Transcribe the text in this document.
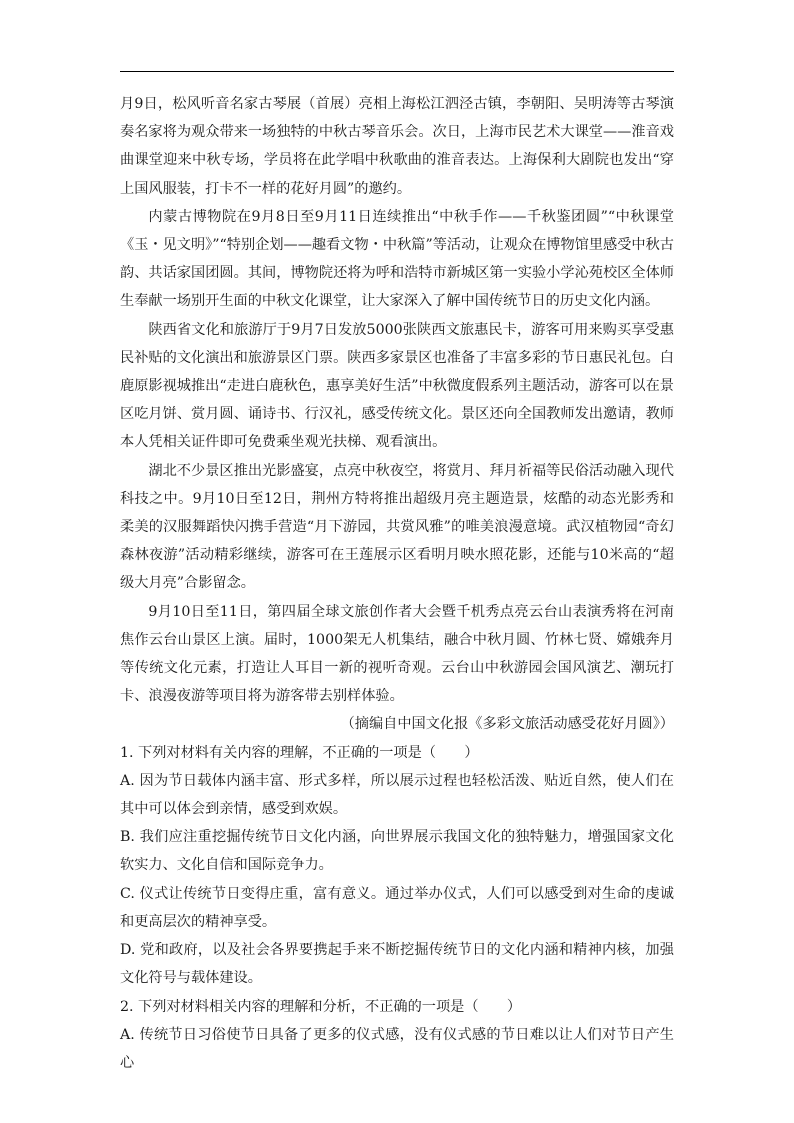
月9日，松风听音名家古琴展（首展）亮相上海松江泗泾古镇，李朝阳、吴明涛等古琴演奏名家将为观众带来一场独特的中秋古琴音乐会。次日，上海市民艺术大课堂——淮音戏曲课堂迎来中秋专场，学员将在此学唱中秋歌曲的淮音表达。上海保利大剧院也发出“穿上国风服装，打卡不一样的花好月圆”的邀约。

内蒙古博物院在9月8日至9月11日连续推出“中秋手作——千秋鉴团圆”“中秋课堂《玉・见文明》”“特别企划——趣看文物・中秋篇”等活动，让观众在博物馆里感受中秋古韵、共话家国团圆。其间，博物院还将为呼和浩特市新城区第一实验小学沁苑校区全体师生奉献一场别开生面的中秋文化课堂，让大家深入了解中国传统节日的历史文化内涵。

陕西省文化和旅游厅于9月7日发放5000张陕西文旅惠民卡，游客可用来购买享受惠民补贴的文化演出和旅游景区门票。陕西多家景区也准备了丰富多彩的节日惠民礼包。白鹿原影视城推出“走进白鹿秋色，惠享美好生活”中秋微度假系列主题活动，游客可以在景区吃月饼、赏月圆、诵诗书、行汉礼，感受传统文化。景区还向全国教师发出邀请，教师本人凭相关证件即可免费乘坐观光扶梯、观看演出。

湖北不少景区推出光影盛宴，点亮中秋夜空，将赏月、拜月祈福等民俗活动融入现代科技之中。9月10日至12日，荆州方特将推出超级月亮主题造景，炫酷的动态光影秀和柔美的汉服舞蹈快闪携手营造“月下游园，共赏风雅”的唯美浪漫意境。武汉植物园“奇幻森林夜游”活动精彩继续，游客可在王莲展示区看明月映水照花影，还能与10米高的“超级大月亮”合影留念。

9月10日至11日，第四届全球文旅创作者大会暨千机秀点亮云台山表演秀将在河南焦作云台山景区上演。届时，1000架无人机集结，融合中秋月圆、竹林七贤、嫦娥奔月等传统文化元素，打造让人耳目一新的视听奇观。云台山中秋游园会国风演艺、潮玩打卡、浪漫夜游等项目将为游客带去别样体验。

（摘编自中国文化报《多彩文旅活动感受花好月圆》）

1. 下列对材料有关内容的理解，不正确的一项是（　　）

A. 因为节日载体内涵丰富、形式多样，所以展示过程也轻松活泼、贴近自然，使人们在其中可以体会到亲情，感受到欢娱。

B. 我们应注重挖掘传统节日文化内涵，向世界展示我国文化的独特魅力，增强国家文化软实力、文化自信和国际竞争力。

C. 仪式让传统节日变得庄重，富有意义。通过举办仪式，人们可以感受到对生命的虔诚和更高层次的精神享受。

D. 党和政府，以及社会各界要携起手来不断挖掘传统节日的文化内涵和精神内核，加强文化符号与载体建设。

2. 下列对材料相关内容的理解和分析，不正确的一项是（　　）

A. 传统节日习俗使节日具备了更多的仪式感，没有仪式感的节日难以让人们对节日产生心
